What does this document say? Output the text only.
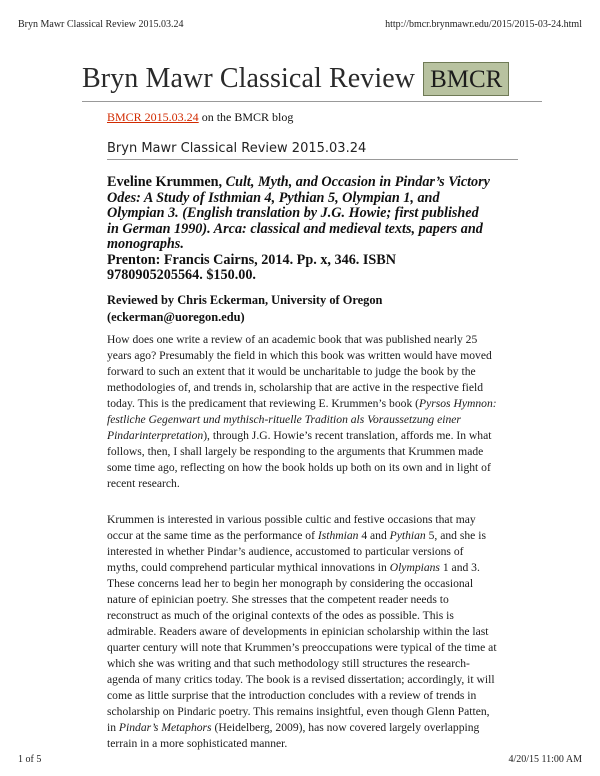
Bryn Mawr Classical Review 2015.03.24	http://bmcr.brynmawr.edu/2015/2015-03-24.html
Bryn Mawr Classical Review BMCR
BMCR 2015.03.24 on the BMCR blog
Bryn Mawr Classical Review 2015.03.24
Eveline Krummen, Cult, Myth, and Occasion in Pindar’s Victory Odes: A Study of Isthmian 4, Pythian 5, Olympian 1, and Olympian 3. (English translation by J.G. Howie; first published in German 1990). Arca: classical and medieval texts, papers and monographs.
Prenton: Francis Cairns, 2014. Pp. x, 346. ISBN 9780905205564. $150.00.
Reviewed by Chris Eckerman, University of Oregon
(eckerman@uoregon.edu)

How does one write a review of an academic book that was published nearly 25 years ago? Presumably the field in which this book was written would have moved forward to such an extent that it would be uncharitable to judge the book by the methodologies of, and trends in, scholarship that are active in the respective field today. This is the predicament that reviewing E. Krummen’s book (Pyrsos Hymnon: festliche Gegenwart und mythisch-rituelle Tradition als Voraussetzung einer Pindarinterpretation), through J.G. Howie’s recent translation, affords me. In what follows, then, I shall largely be responding to the arguments that Krummen made some time ago, reflecting on how the book holds up both on its own and in light of recent research.

Krummen is interested in various possible cultic and festive occasions that may occur at the same time as the performance of Isthmian 4 and Pythian 5, and she is interested in whether Pindar’s audience, accustomed to particular versions of myths, could comprehend particular mythical innovations in Olympians 1 and 3. These concerns lead her to begin her monograph by considering the occasional nature of epinician poetry. She stresses that the competent reader needs to reconstruct as much of the original contexts of the odes as possible. This is admirable. Readers aware of developments in epinician scholarship within the last quarter century will note that Krummen’s preoccupations were typical of the time at which she was writing and that such methodology still structures the research-agenda of many critics today. The book is a revised dissertation; accordingly, it will come as little surprise that the introduction concludes with a review of trends in scholarship on Pindaric poetry. This remains insightful, even though Glenn Patten, in Pindar’s Metaphors (Heidelberg, 2009), has now covered largely overlapping terrain in a more sophisticated manner.

1 of 5	4/20/15 11:00 AM
